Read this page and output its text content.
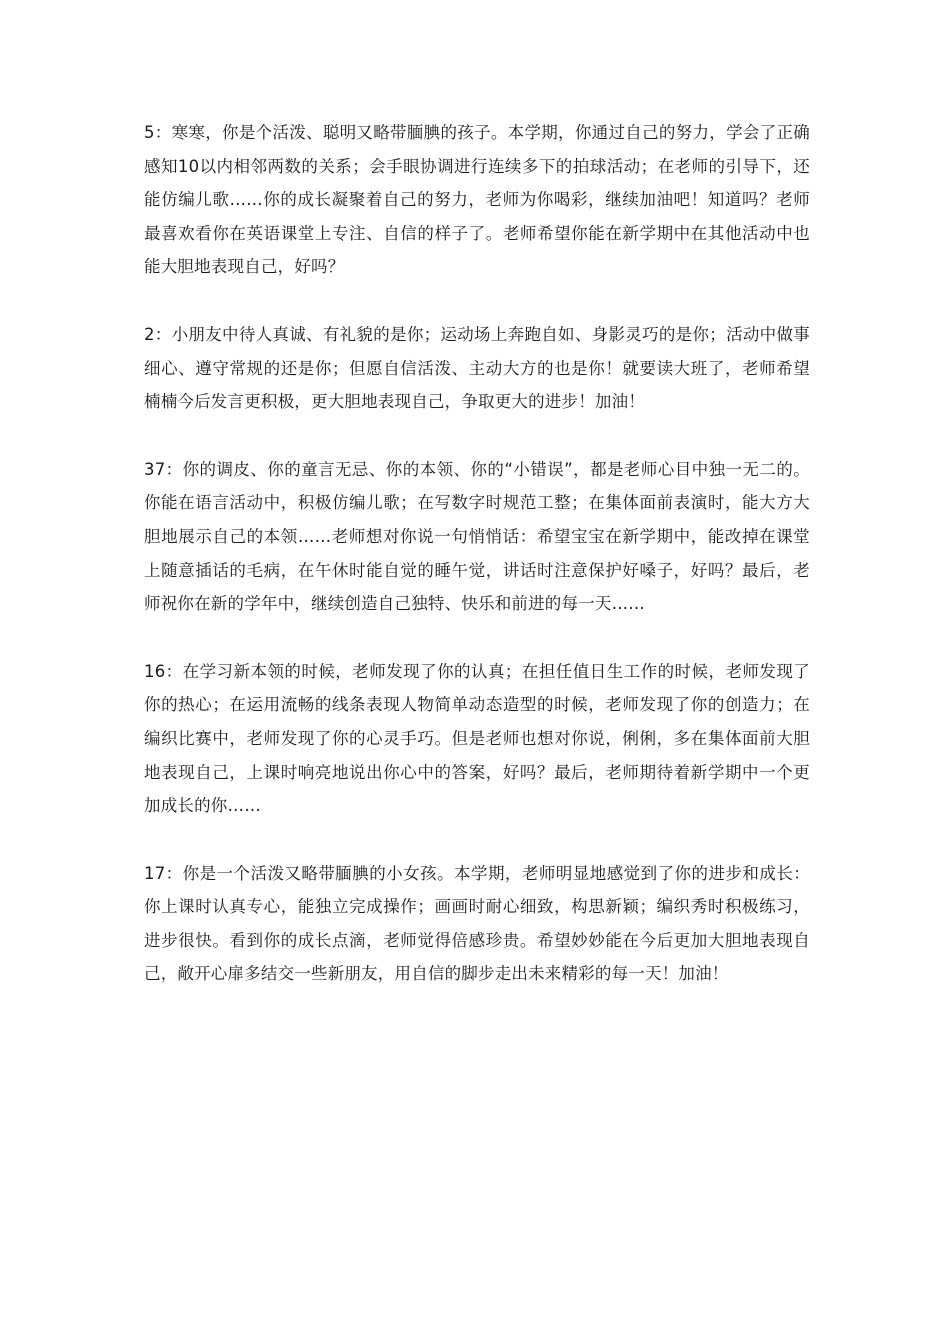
5：寒寒，你是个活泼、聪明又略带腼腆的孩子。本学期，你通过自己的努力，学会了正确感知10以内相邻两数的关系；会手眼协调进行连续多下的拍球活动；在老师的引导下，还能仿编儿歌……你的成长凝聚着自己的努力，老师为你喝彩，继续加油吧！知道吗？老师最喜欢看你在英语课堂上专注、自信的样子了。老师希望你能在新学期中在其他活动中也能大胆地表现自己，好吗？

2：小朋友中待人真诚、有礼貌的是你；运动场上奔跑自如、身影灵巧的是你；活动中做事细心、遵守常规的还是你；但愿自信活泼、主动大方的也是你！就要读大班了，老师希望楠楠今后发言更积极，更大胆地表现自己，争取更大的进步！加油！

37：你的调皮、你的童言无忌、你的本领、你的“小错误”，都是老师心目中独一无二的。你能在语言活动中，积极仿编儿歌；在写数字时规范工整；在集体面前表演时，能大方大胆地展示自己的本领……老师想对你说一句悄悄话：希望宝宝在新学期中，能改掉在课堂上随意插话的毛病，在午休时能自觉的睡午觉，讲话时注意保护好嗓子，好吗？最后，老师祝你在新的学年中，继续创造自己独特、快乐和前进的每一天……

16：在学习新本领的时候，老师发现了你的认真；在担任值日生工作的时候，老师发现了你的热心；在运用流畅的线条表现人物简单动态造型的时候，老师发现了你的创造力；在编织比赛中，老师发现了你的心灵手巧。但是老师也想对你说，俐俐，多在集体面前大胆地表现自己，上课时响亮地说出你心中的答案，好吗？最后，老师期待着新学期中一个更加成长的你……

17：你是一个活泼又略带腼腆的小女孩。本学期，老师明显地感觉到了你的进步和成长：你上课时认真专心，能独立完成操作；画画时耐心细致，构思新颖；编织秀时积极练习，进步很快。看到你的成长点滴，老师觉得倍感珍贵。希望妙妙能在今后更加大胆地表现自己，敞开心扉多结交一些新朋友，用自信的脚步走出未来精彩的每一天！加油！
